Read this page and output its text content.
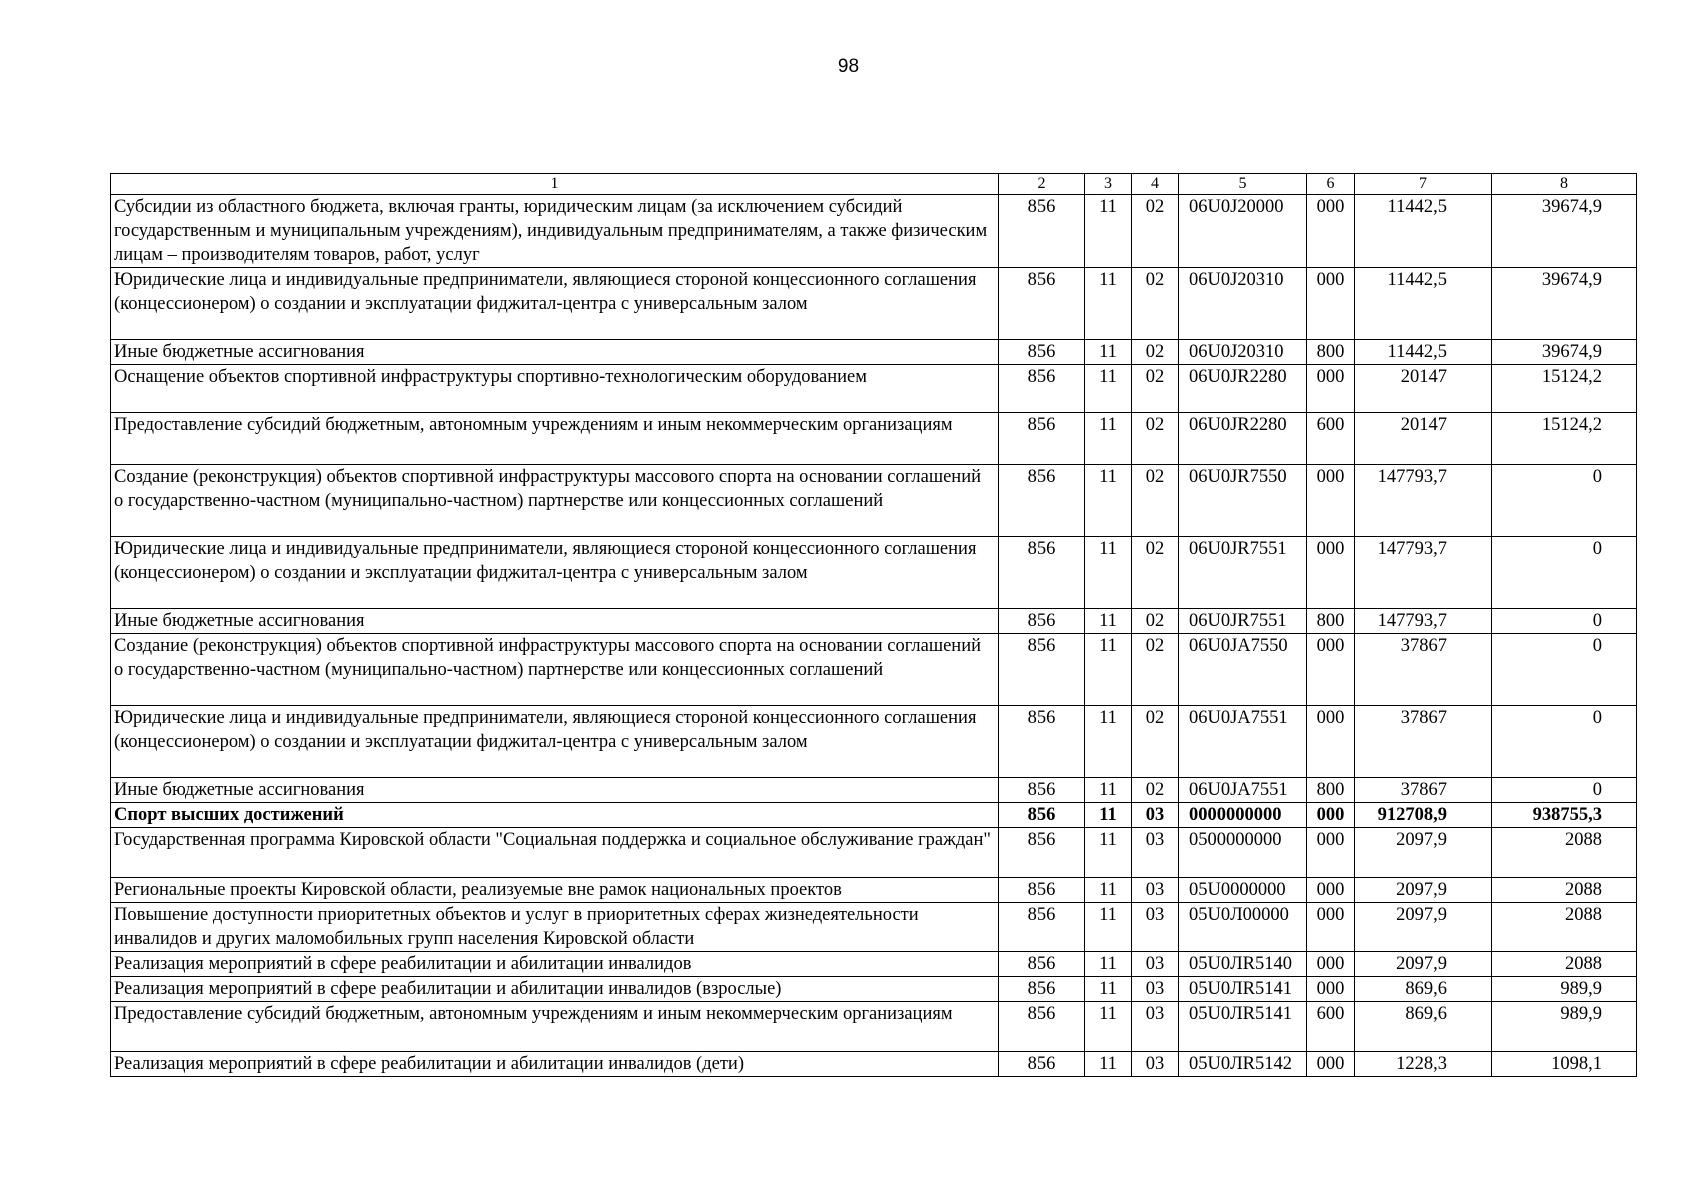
98
1	2	3	4	5	6	7	8
Субсидии из областного бюджета, включая гранты, юридическим лицам (за исключением субсидий государственным и муниципальным учреждениям), индивидуальным предпринимателям, а также физическим лицам – производителям товаров, работ, услуг	856	11	02	06U0J20000	000	11442,5	39674,9
Юридические лица и индивидуальные предприниматели, являющиеся стороной концессионного соглашения (концессионером) о создании и эксплуатации фиджитал-центра с универсальным залом	856	11	02	06U0J20310	000	11442,5	39674,9
Иные бюджетные ассигнования	856	11	02	06U0J20310	800	11442,5	39674,9
Оснащение объектов спортивной инфраструктуры спортивно-технологическим оборудованием	856	11	02	06U0JR2280	000	20147	15124,2
Предоставление субсидий бюджетным, автономным учреждениям и иным некоммерческим организациям	856	11	02	06U0JR2280	600	20147	15124,2
Создание (реконструкция) объектов спортивной инфраструктуры массового спорта на основании соглашений о государственно-частном (муниципально-частном) партнерстве или концессионных соглашений	856	11	02	06U0JR7550	000	147793,7	0
Юридические лица и индивидуальные предприниматели, являющиеся стороной концессионного соглашения (концессионером) о создании и эксплуатации фиджитал-центра с универсальным залом	856	11	02	06U0JR7551	000	147793,7	0
Иные бюджетные ассигнования	856	11	02	06U0JR7551	800	147793,7	0
Создание (реконструкция) объектов спортивной инфраструктуры массового спорта на основании соглашений о государственно-частном (муниципально-частном) партнерстве или концессионных соглашений	856	11	02	06U0JA7550	000	37867	0
Юридические лица и индивидуальные предприниматели, являющиеся стороной концессионного соглашения (концессионером) о создании и эксплуатации фиджитал-центра с универсальным залом	856	11	02	06U0JA7551	000	37867	0
Иные бюджетные ассигнования	856	11	02	06U0JA7551	800	37867	0
Спорт высших достижений	856	11	03	0000000000	000	912708,9	938755,3
Государственная программа Кировской области "Социальная поддержка и социальное обслуживание граждан"	856	11	03	0500000000	000	2097,9	2088
Региональные проекты Кировской области, реализуемые вне рамок национальных проектов	856	11	03	05U0000000	000	2097,9	2088
Повышение доступности приоритетных объектов и услуг в приоритетных сферах жизнедеятельности инвалидов и других маломобильных групп населения Кировской области	856	11	03	05U0Л00000	000	2097,9	2088
Реализация мероприятий в сфере реабилитации и абилитации инвалидов	856	11	03	05U0ЛR5140	000	2097,9	2088
Реализация мероприятий в сфере реабилитации и абилитации инвалидов (взрослые)	856	11	03	05U0ЛR5141	000	869,6	989,9
Предоставление субсидий бюджетным, автономным учреждениям и иным некоммерческим организациям	856	11	03	05U0ЛR5141	600	869,6	989,9
Реализация мероприятий в сфере реабилитации и абилитации инвалидов (дети)	856	11	03	05U0ЛR5142	000	1228,3	1098,1
